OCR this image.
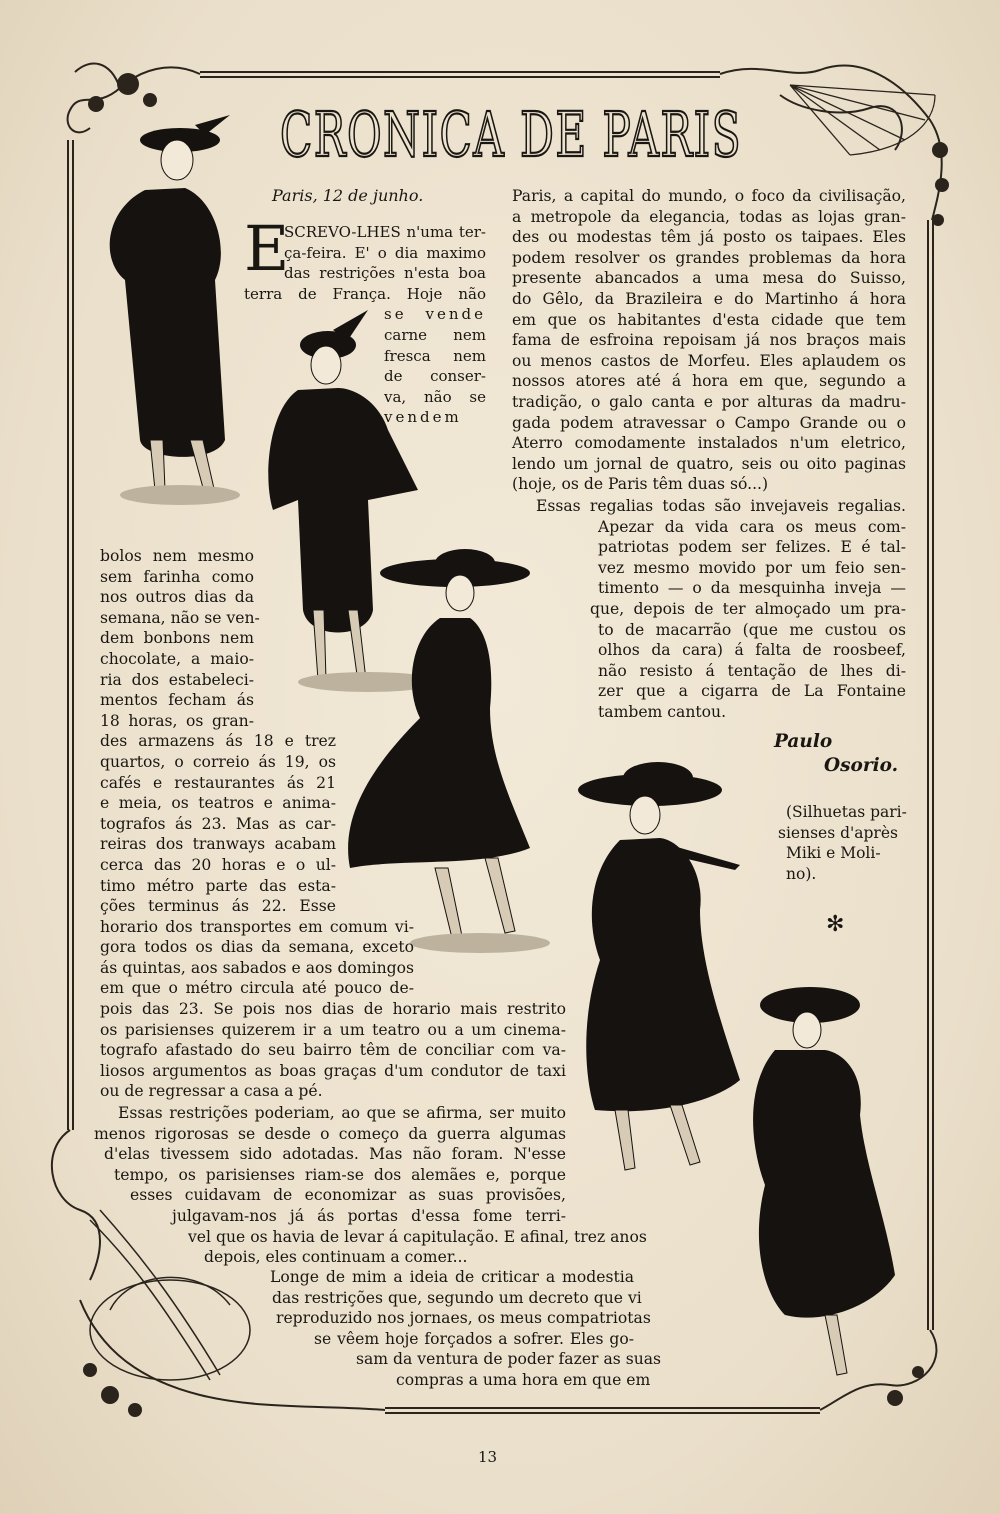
CRONICA DE PARIS
Paris, 12 de junho.
E
SCREVO-LHES n'uma ter-
ça-feira. E' o dia maximo
das restrições n'esta boa
terra de França. Hoje não
se vende
carne nem
fresca nem
de conser-
va, não se
vendem
bolos nem mesmo
sem farinha como
nos outros dias da
semana, não se ven-
dem bonbons nem
chocolate, a maio-
ria dos estabeleci-
mentos fecham ás
18 horas, os gran-
des armazens ás 18 e trez
quartos, o correio ás 19, os
cafés e restaurantes ás 21
e meia, os teatros e anima-
tografos ás 23. Mas as car-
reiras dos tranways acabam
cerca das 20 horas e o ul-
timo métro parte das esta-
ções terminus ás 22. Esse
horario dos transportes em comum vi-
gora todos os dias da semana, exceto
ás quintas, aos sabados e aos domingos
em que o métro circula até pouco de-
pois das 23. Se pois nos dias de horario mais restrito
os parisienses quizerem ir a um teatro ou a um cinema-
tografo afastado do seu bairro têm de conciliar com va-
liosos argumentos as boas graças d'um condutor de taxi
ou de regressar a casa a pé.
Essas restrições poderiam, ao que se afirma, ser muito
menos rigorosas se desde o começo da guerra algumas
d'elas tivessem sido adotadas. Mas não foram. N'esse
tempo, os parisienses riam-se dos alemães e, porque
esses cuidavam de economizar as suas provisões,
julgavam-nos já ás portas d'essa fome terri-
vel que os havia de levar á capitulação. E afinal, trez anos
depois, eles continuam a comer...
Longe de mim a ideia de criticar a modestia
das restrições que, segundo um decreto que vi
reproduzido nos jornaes, os meus compatriotas
se vêem hoje forçados a sofrer. Eles go-
sam da ventura de poder fazer as suas
compras a uma hora em que em
Paris, a capital do mundo, o foco da civilisação,
a metropole da elegancia, todas as lojas gran-
des ou modestas têm já posto os taipaes. Eles
podem resolver os grandes problemas da hora
presente abancados a uma mesa do Suisso,
do Gêlo, da Brazileira e do Martinho á hora
em que os habitantes d'esta cidade que tem
fama de esfroina repoisam já nos braços mais
ou menos castos de Morfeu. Eles aplaudem os
nossos atores até á hora em que, segundo a
tradição, o galo canta e por alturas da madru-
gada podem atravessar o Campo Grande ou o
Aterro comodamente instalados n'um eletrico,
lendo um jornal de quatro, seis ou oito paginas
(hoje, os de Paris têm duas só...)
Essas regalias todas são invejaveis regalias.
Apezar da vida cara os meus com-
patriotas podem ser felizes. E é tal-
vez mesmo movido por um feio sen-
timento — o da mesquinha inveja —
que, depois de ter almoçado um pra-
to de macarrão (que me custou os
olhos da cara) á falta de roosbeef,
não resisto á tentação de lhes di-
zer que a cigarra de La Fontaine
tambem cantou.
Paulo
Osorio.
(Silhuetas pari-
sienses d'après
Miki e Moli-
no).
✻
13
